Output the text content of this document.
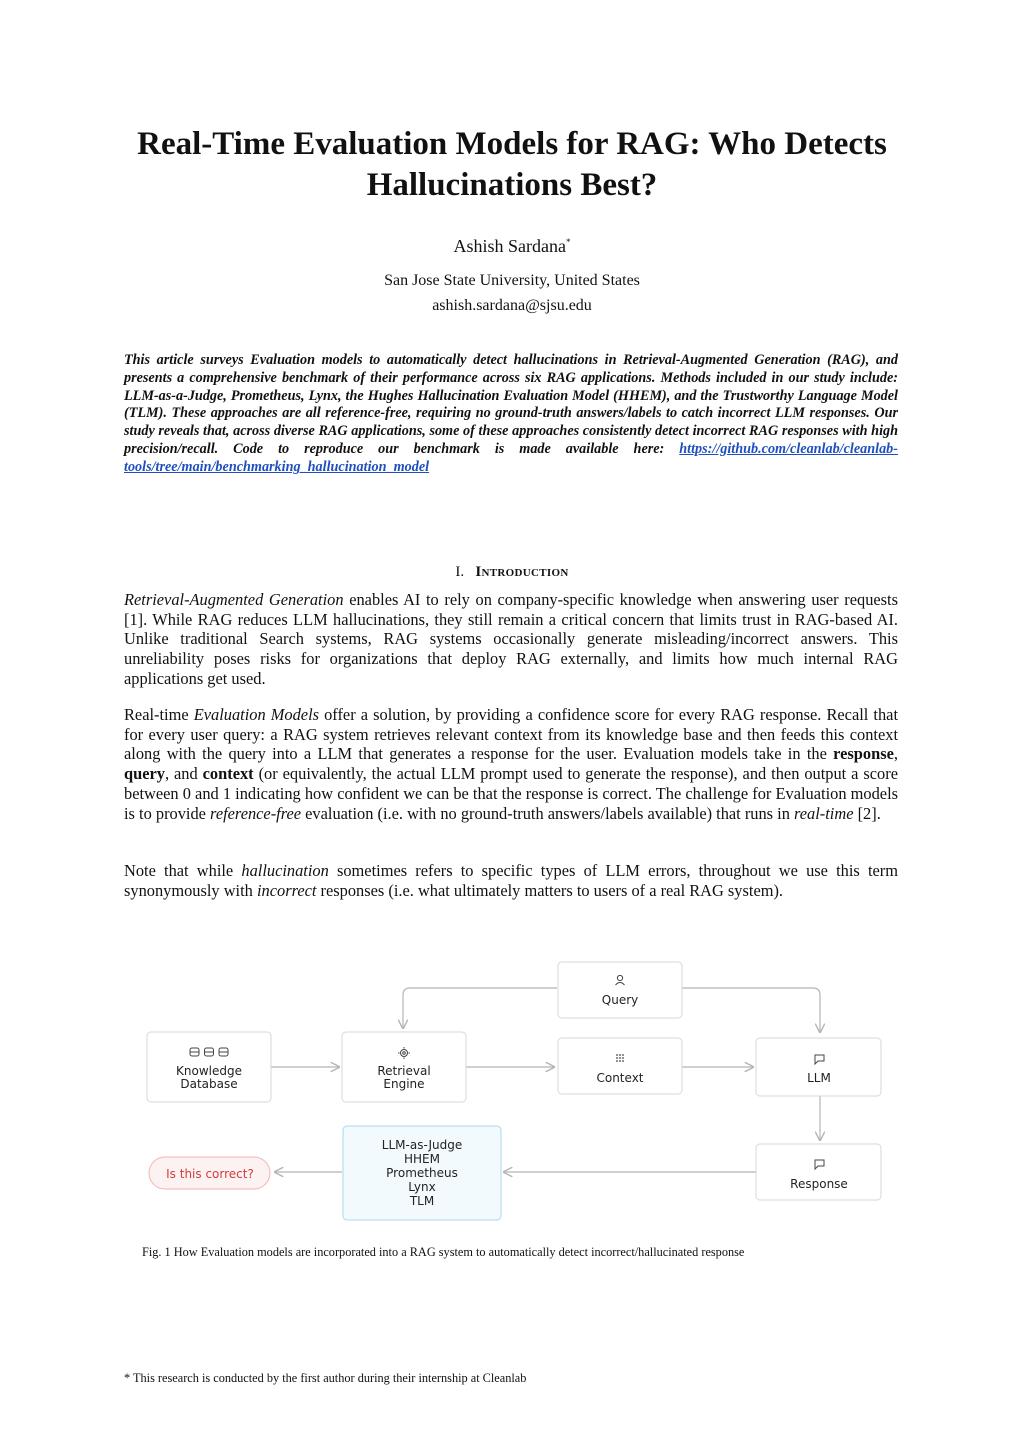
Real-Time Evaluation Models for RAG: Who Detects Hallucinations Best?
Ashish Sardana*
San Jose State University, United States
ashish.sardana@sjsu.edu
This article surveys Evaluation models to automatically detect hallucinations in Retrieval-Augmented Generation (RAG), and presents a comprehensive benchmark of their performance across six RAG applications. Methods included in our study include: LLM-as-a-Judge, Prometheus, Lynx, the Hughes Hallucination Evaluation Model (HHEM), and the Trustworthy Language Model (TLM). These approaches are all reference-free, requiring no ground-truth answers/labels to catch incorrect LLM responses. Our study reveals that, across diverse RAG applications, some of these approaches consistently detect incorrect RAG responses with high precision/recall. Code to reproduce our benchmark is made available here: https://github.com/cleanlab/cleanlab-tools/tree/main/benchmarking_hallucination_model
I. Introduction

Retrieval-Augmented Generation enables AI to rely on company-specific knowledge when answering user requests [1]. While RAG reduces LLM hallucinations, they still remain a critical concern that limits trust in RAG-based AI. Unlike traditional Search systems, RAG systems occasionally generate misleading/incorrect answers. This unreliability poses risks for organizations that deploy RAG externally, and limits how much internal RAG applications get used.

Real-time Evaluation Models offer a solution, by providing a confidence score for every RAG response. Recall that for every user query: a RAG system retrieves relevant context from its knowledge base and then feeds this context along with the query into a LLM that generates a response for the user. Evaluation models take in the response, query, and context (or equivalently, the actual LLM prompt used to generate the response), and then output a score between 0 and 1 indicating how confident we can be that the response is correct. The challenge for Evaluation models is to provide reference-free evaluation (i.e. with no ground-truth answers/labels available) that runs in real-time [2].

Note that while hallucination sometimes refers to specific types of LLM errors, throughout we use this term synonymously with incorrect responses (i.e. what ultimately matters to users of a real RAG system).

Query
Knowledge
Database
Retrieval
Engine	Context	LLM
Response
LLM-as-Judge
HHEM
Prometheus
Lynx
TLM
Is this correct?
Fig. 1 How Evaluation models are incorporated into a RAG system to automatically detect incorrect/hallucinated response
* This research is conducted by the first author during their internship at Cleanlab
